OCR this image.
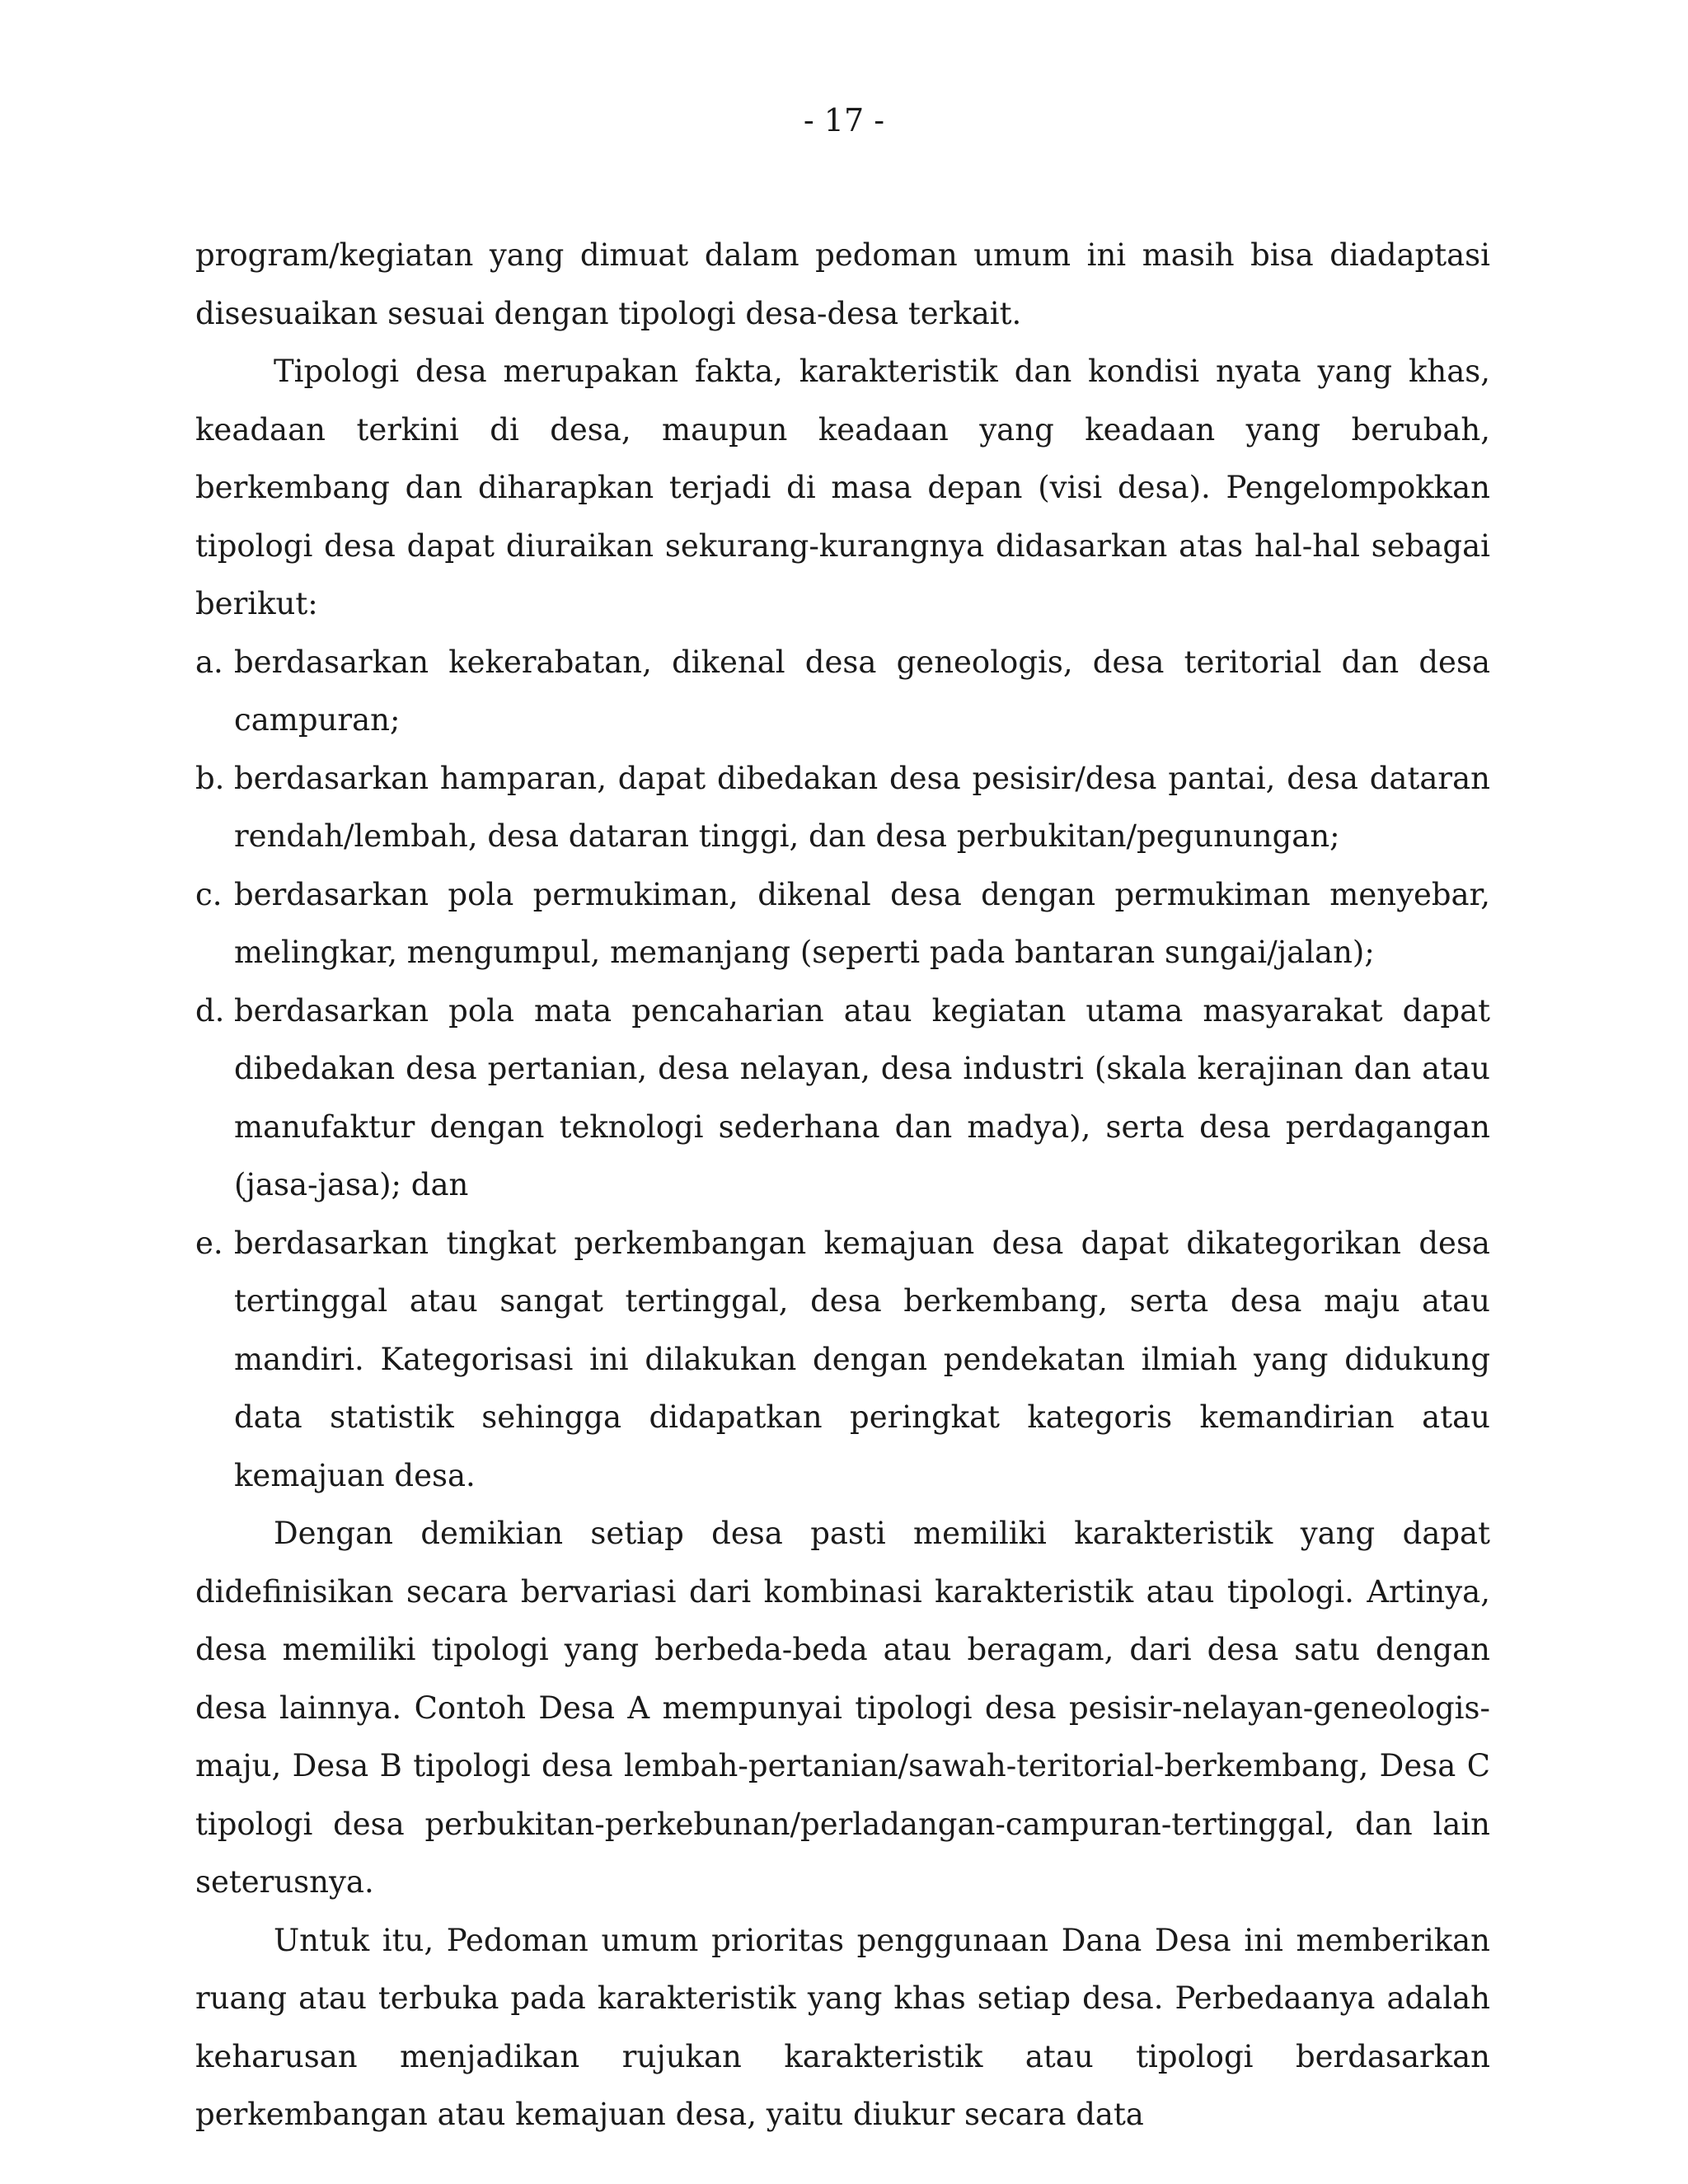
- 17 -

program/kegiatan yang dimuat dalam pedoman umum ini masih bisa diadaptasi disesuaikan sesuai dengan tipologi desa-desa terkait.

Tipologi desa merupakan fakta, karakteristik dan kondisi nyata yang khas, keadaan terkini di desa, maupun keadaan yang keadaan yang berubah, berkembang dan diharapkan terjadi di masa depan (visi desa). Pengelompokkan tipologi desa dapat diuraikan sekurang-kurangnya didasarkan atas hal-hal sebagai berikut:

a. berdasarkan kekerabatan, dikenal desa geneologis, desa teritorial dan desa campuran;
b. berdasarkan hamparan, dapat dibedakan desa pesisir/desa pantai, desa dataran rendah/lembah, desa dataran tinggi, dan desa perbukitan/pegunungan;
c. berdasarkan pola permukiman, dikenal desa dengan permukiman menyebar, melingkar, mengumpul, memanjang (seperti pada bantaran sungai/jalan);
d. berdasarkan pola mata pencaharian atau kegiatan utama masyarakat dapat dibedakan desa pertanian, desa nelayan, desa industri (skala kerajinan dan atau manufaktur dengan teknologi sederhana dan madya), serta desa perdagangan (jasa-jasa); dan
e. berdasarkan tingkat perkembangan kemajuan desa dapat dikategorikan desa tertinggal atau sangat tertinggal, desa berkembang, serta desa maju atau mandiri. Kategorisasi ini dilakukan dengan pendekatan ilmiah yang didukung data statistik sehingga didapatkan peringkat kategoris kemandirian atau kemajuan desa.

Dengan demikian setiap desa pasti memiliki karakteristik yang dapat didefinisikan secara bervariasi dari kombinasi karakteristik atau tipologi. Artinya, desa memiliki tipologi yang berbeda-beda atau beragam, dari desa satu dengan desa lainnya. Contoh Desa A mempunyai tipologi desa pesisir-nelayan-geneologis-maju, Desa B tipologi desa lembah-pertanian/sawah-teritorial-berkembang, Desa C tipologi desa perbukitan-perkebunan/perladangan-campuran-tertinggal, dan lain seterusnya.

Untuk itu, Pedoman umum prioritas penggunaan Dana Desa ini memberikan ruang atau terbuka pada karakteristik yang khas setiap desa. Perbedaanya adalah keharusan menjadikan rujukan karakteristik atau tipologi berdasarkan perkembangan atau kemajuan desa, yaitu diukur secara data
